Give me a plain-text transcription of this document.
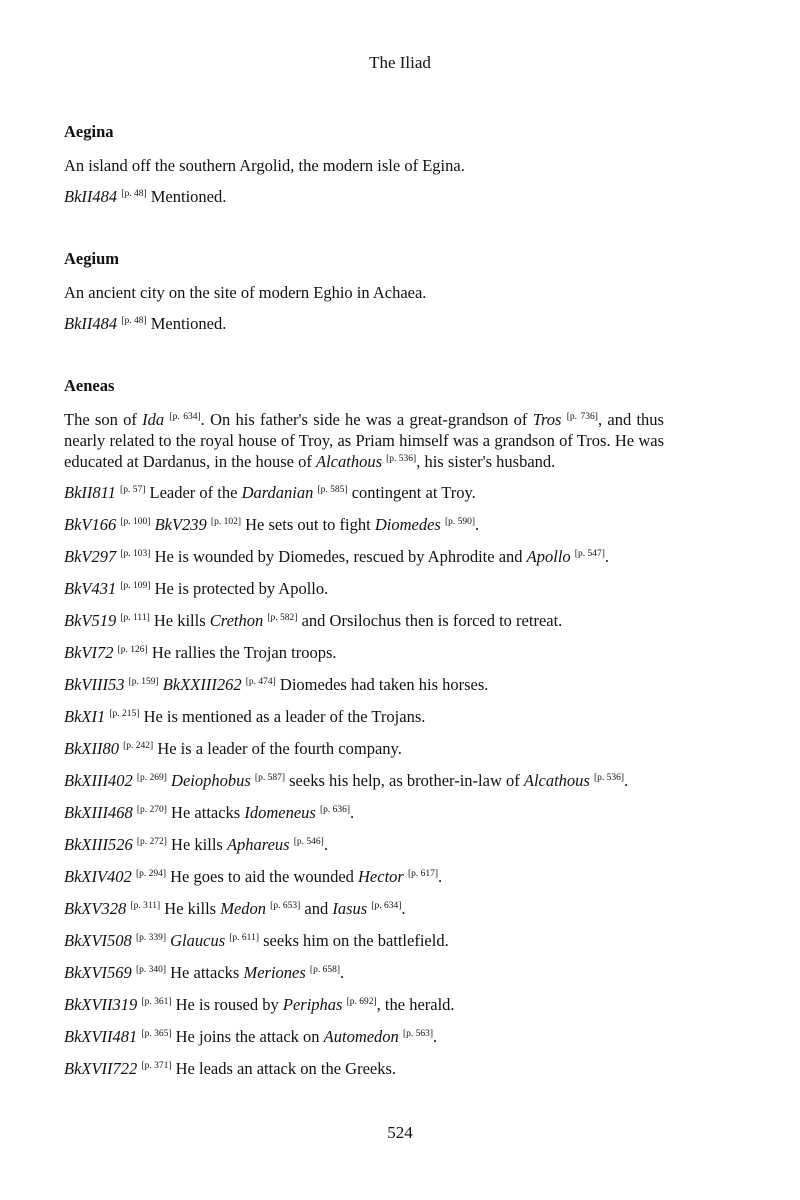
The Iliad

Aegina

An island off the southern Argolid, the modern isle of Egina.

BkII484 [p. 48] Mentioned.

Aegium

An ancient city on the site of modern Eghio in Achaea.

BkII484 [p. 48] Mentioned.

Aeneas

The son of Ida [p. 634]. On his father's side he was a great-grandson of Tros [p. 736], and thus nearly related to the royal house of Troy, as Priam himself was a grandson of Tros. He was educated at Dardanus, in the house of Alcathous [p. 536], his sister's husband.

BkII811 [p. 57] Leader of the Dardanian [p. 585] contingent at Troy.

BkV166 [p. 100] BkV239 [p. 102] He sets out to fight Diomedes [p. 590].

BkV297 [p. 103] He is wounded by Diomedes, rescued by Aphrodite and Apollo [p. 547].

BkV431 [p. 109] He is protected by Apollo.

BkV519 [p. 111] He kills Crethon [p. 582] and Orsilochus then is forced to retreat.

BkVI72 [p. 126] He rallies the Trojan troops.

BkVIII53 [p. 159] BkXXIII262 [p. 474] Diomedes had taken his horses.

BkXI1 [p. 215] He is mentioned as a leader of the Trojans.

BkXII80 [p. 242] He is a leader of the fourth company.

BkXIII402 [p. 269] Deiophobus [p. 587] seeks his help, as brother-in-law of Alcathous [p. 536].

BkXIII468 [p. 270] He attacks Idomeneus [p. 636].

BkXIII526 [p. 272] He kills Aphareus [p. 546].

BkXIV402 [p. 294] He goes to aid the wounded Hector [p. 617].

BkXV328 [p. 311] He kills Medon [p. 653] and Iasus [p. 634].

BkXVI508 [p. 339] Glaucus [p. 611] seeks him on the battlefield.

BkXVI569 [p. 340] He attacks Meriones [p. 658].

BkXVII319 [p. 361] He is roused by Periphas [p. 692], the herald.

BkXVII481 [p. 365] He joins the attack on Automedon [p. 563].

BkXVII722 [p. 371] He leads an attack on the Greeks.

524
